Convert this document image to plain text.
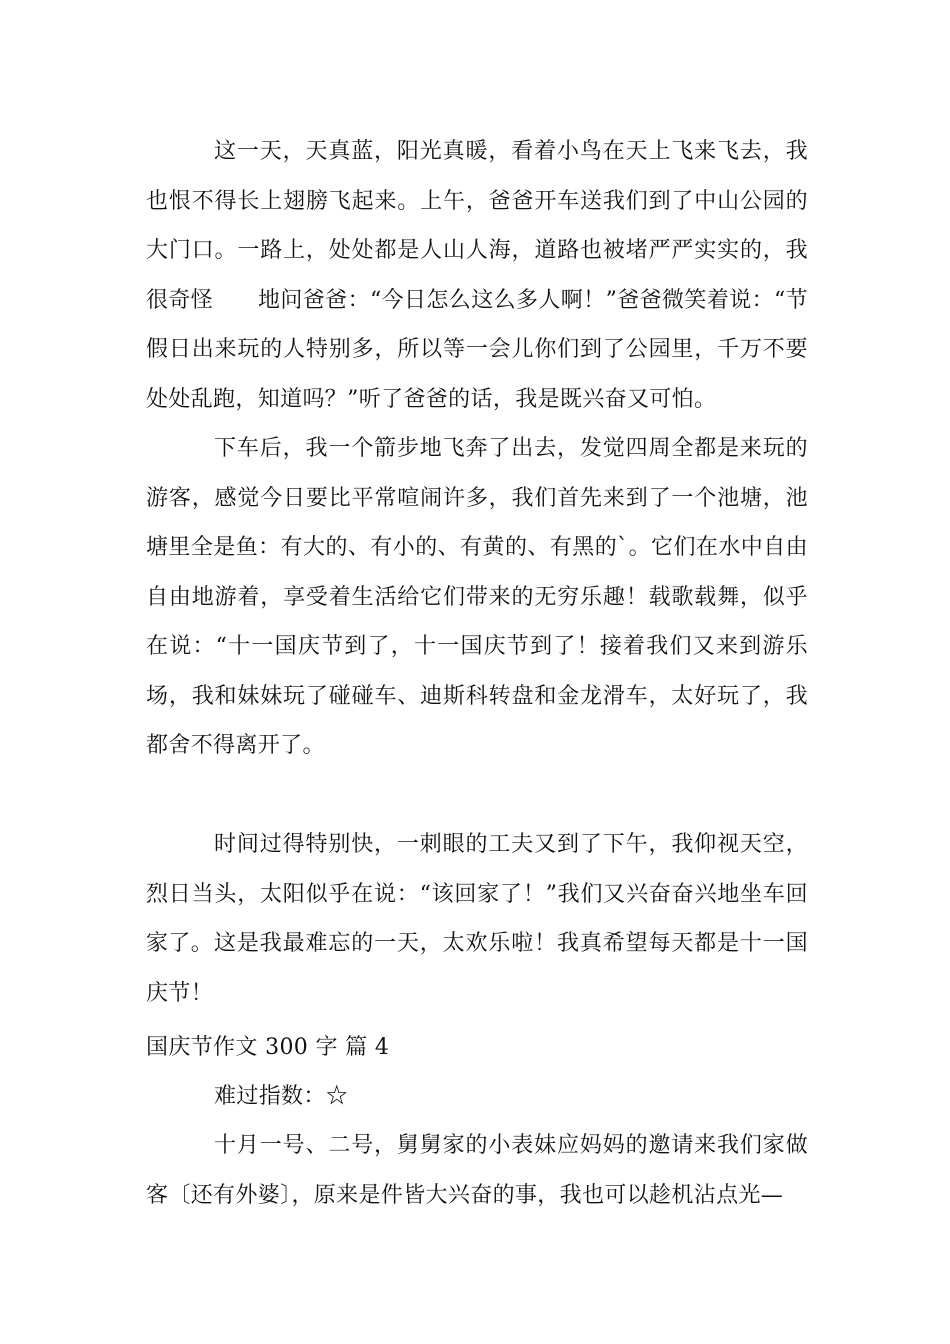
这一天，天真蓝，阳光真暖，看着小鸟在天上飞来飞去，我也恨不得长上翅膀飞起来。上午，爸爸开车送我们到了中山公园的大门口。一路上，处处都是人山人海，道路也被堵严严实实的，我很奇怪　　地问爸爸：“今日怎么这么多人啊！”爸爸微笑着说：“节假日出来玩的人特别多，所以等一会儿你们到了公园里，千万不要处处乱跑，知道吗？”听了爸爸的话，我是既兴奋又可怕。

下车后，我一个箭步地飞奔了出去，发觉四周全都是来玩的游客，感觉今日要比平常喧闹许多，我们首先来到了一个池塘，池塘里全是鱼：有大的、有小的、有黄的、有黑的`。它们在水中自由自由地游着，享受着生活给它们带来的无穷乐趣！载歌载舞，似乎在说：“十一国庆节到了，十一国庆节到了！接着我们又来到游乐场，我和妹妹玩了碰碰车、迪斯科转盘和金龙滑车，太好玩了，我都舍不得离开了。

时间过得特别快，一刺眼的工夫又到了下午，我仰视天空，烈日当头，太阳似乎在说：“该回家了！”我们又兴奋奋兴地坐车回家了。 这是我最难忘的一天，太欢乐啦！我真希望每天都是十一国庆节！

国庆节作文 300 字 篇 4

难过指数：☆

十月一号、二号，舅舅家的小表妹应妈妈的邀请来我们家做客〔还有外婆〕，原来是件皆大兴奋的事，我也可以趁机沾点光—
